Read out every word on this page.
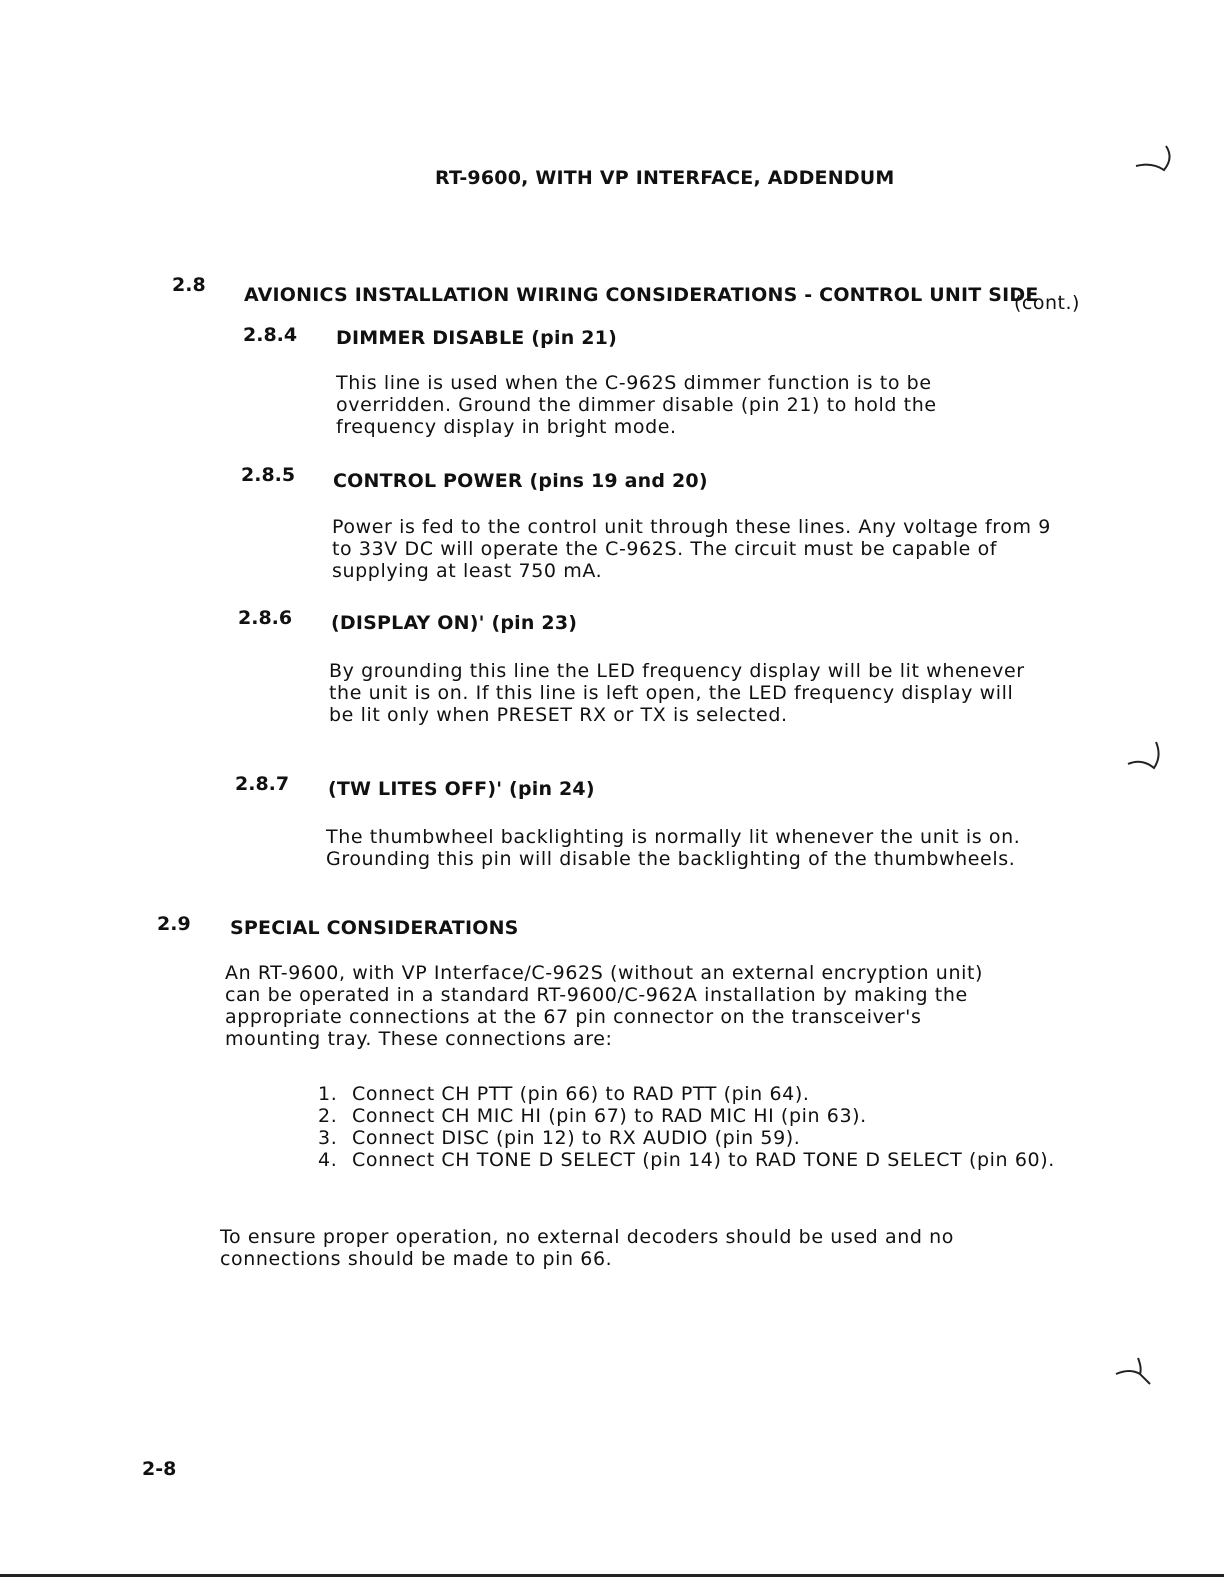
RT-9600, WITH VP INTERFACE, ADDENDUM
2.8 AVIONICS INSTALLATION WIRING CONSIDERATIONS - CONTROL UNIT SIDE
(cont.)
2.8.4 DIMMER DISABLE (pin 21)

This line is used when the C-962S dimmer function is to be overridden. Ground the dimmer disable (pin 21) to hold the frequency display in bright mode.

2.8.5 CONTROL POWER (pins 19 and 20)

Power is fed to the control unit through these lines. Any voltage from 9 to 33V DC will operate the C-962S. The circuit must be capable of supplying at least 750 mA.

2.8.6 (DISPLAY ON)' (pin 23)

By grounding this line the LED frequency display will be lit whenever the unit is on. If this line is left open, the LED frequency display will be lit only when PRESET RX or TX is selected.

2.8.7 (TW LITES OFF)' (pin 24)

The thumbwheel backlighting is normally lit whenever the unit is on. Grounding this pin will disable the backlighting of the thumbwheels.

2.9 SPECIAL CONSIDERATIONS

An RT-9600, with VP Interface/C-962S (without an external encryption unit) can be operated in a standard RT-9600/C-962A installation by making the appropriate connections at the 67 pin connector on the transceiver's mounting tray. These connections are:

1. Connect CH PTT (pin 66) to RAD PTT (pin 64).
2. Connect CH MIC HI (pin 67) to RAD MIC HI (pin 63).
3. Connect DISC (pin 12) to RX AUDIO (pin 59).
4. Connect CH TONE D SELECT (pin 14) to RAD TONE D SELECT (pin 60).

To ensure proper operation, no external decoders should be used and no connections should be made to pin 66.

2-8
